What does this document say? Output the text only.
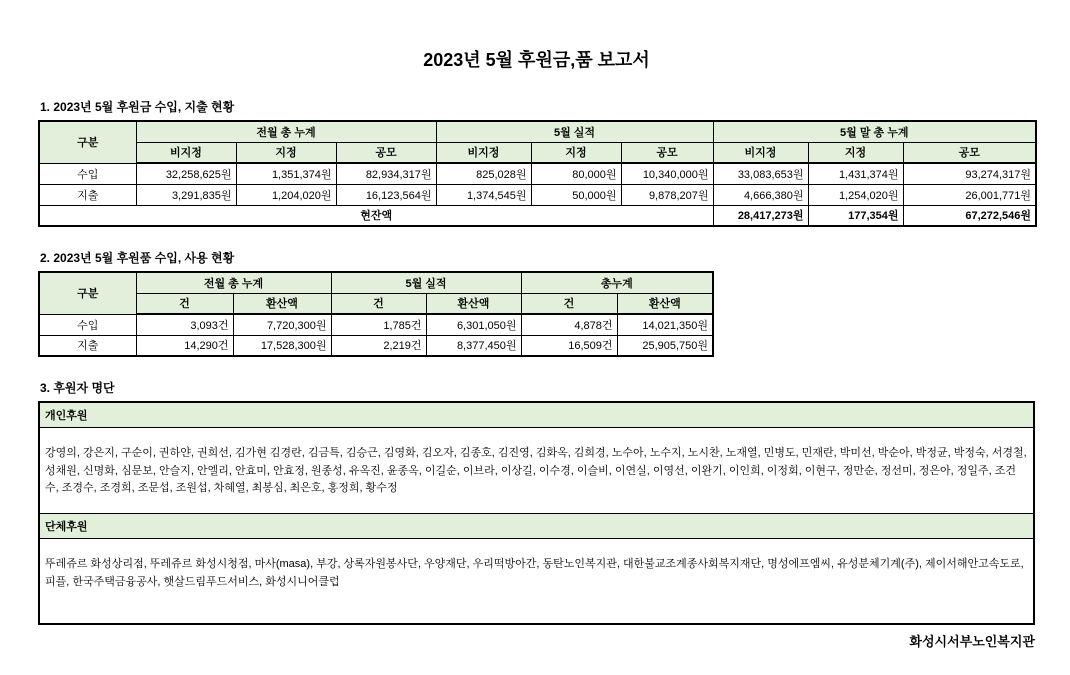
2023년 5월 후원금,품 보고서
1. 2023년 5월 후원금 수입, 지출 현황
구분	전월 총 누계			5월 실적			5월 말 총 누계		
	비지정	지정	공모	비지정	지정	공모	비지정	지정	공모
수입	32,258,625원	1,351,374원	82,934,317원	825,028원	80,000원	10,340,000원	33,083,653원	1,431,374원	93,274,317원
지출	3,291,835원	1,204,020원	16,123,564원	1,374,545원	50,000원	9,878,207원	4,666,380원	1,254,020원	26,001,771원
현잔액							28,417,273원	177,354원	67,272,546원
2. 2023년 5월 후원품 수입, 사용 현황
구분	전월 총 누계		5월 실적		총누계	
	건	환산액	건	환산액	건	환산액
수입	3,093건	7,720,300원	1,785건	6,301,050원	4,878건	14,021,350원
지출	14,290건	17,528,300원	2,219건	8,377,450원	16,509건	25,905,750원
3. 후원자 명단
개인후원
강영의, 강은지, 구순이, 권하얀, 권희선, 김가현 김경란, 김금특, 김승근, 김영화, 김오자, 김종호, 김진영, 김화옥, 김희경, 노수아, 노수지, 노시찬, 노재열, 민병도, 민재란, 박미선, 박순아, 박정균, 박정숙, 서경철, 성채원, 신명화, 심문보, 안슬지, 안엘리, 안효미, 안효정, 원종성, 유옥진, 윤종옥, 이길순, 이브라, 이상길, 이수경, 이슬비, 이연실, 이영선, 이완기, 이인희, 이정회, 이현구, 정만순, 정선미, 정은아, 정일주, 조건수, 조경수, 조경희, 조문섭, 조원섭, 차혜열, 최봉심, 최은호, 홍정희, 황수정
단체후원
뚜레쥬르 화성상리점, 뚜레쥬르 화성시청점, 마사(masa), 부강, 상록자원봉사단, 우양재단, 우리떡방아간, 동탄노인복지관, 대한불교조계종사회복지재단, 명성에프엠씨, 유성분체기계(주), 제이서해안고속도로, 피플, 한국주택금융공사, 햇살드림푸드서비스, 화성시니어클럽
화성시서부노인복지관
